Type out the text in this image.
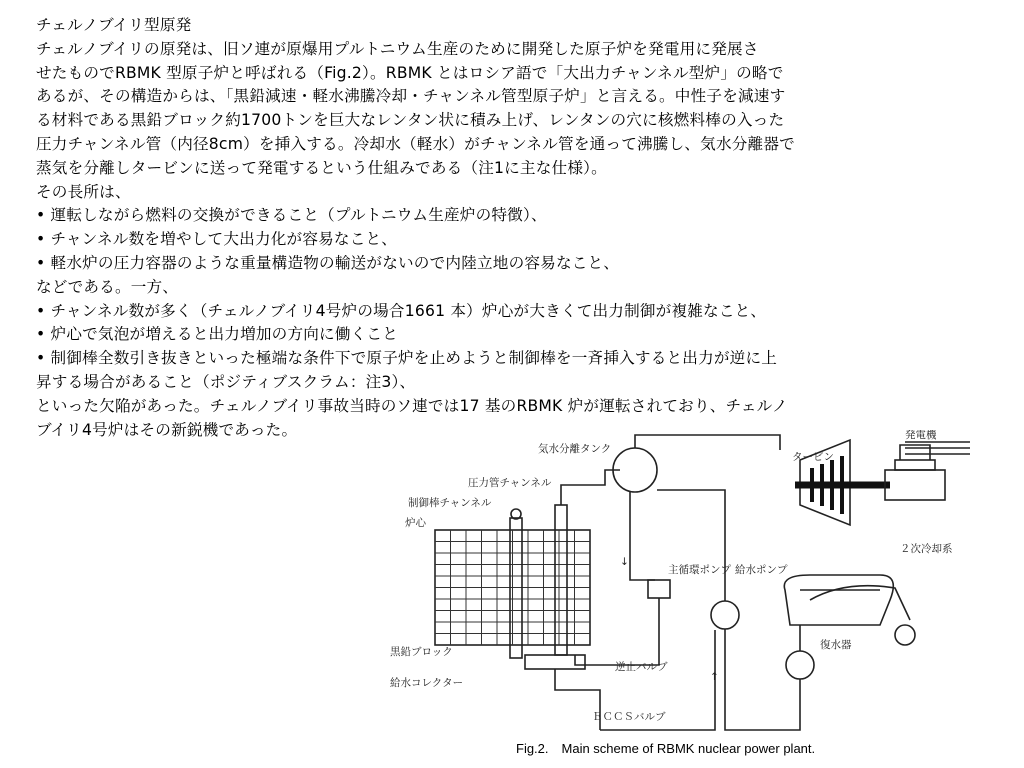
チェルノブイリ型原発

チェルノブイリの原発は、旧ソ連が原爆用プルトニウム生産のために開発した原子炉を発電用に発展さ

せたものでRBMK 型原子炉と呼ばれる（Fig.2）。RBMK とはロシア語で「大出力チャンネル型炉」の略で

あるが、その構造からは、「黒鉛減速・軽水沸騰冷却・チャンネル管型原子炉」と言える。中性子を減速す

る材料である黒鉛ブロック約1700トンを巨大なレンタン状に積み上げ、レンタンの穴に核燃料棒の入った

圧力チャンネル管（内径8cm）を挿入する。冷却水（軽水）がチャンネル管を通って沸騰し、気水分離器で

蒸気を分離しタービンに送って発電するという仕組みである（注1に主な仕様）。

その長所は、

• 運転しながら燃料の交換ができること（プルトニウム生産炉の特徴）、

• チャンネル数を増やして大出力化が容易なこと、

• 軽水炉の圧力容器のような重量構造物の輸送がないので内陸立地の容易なこと、

などである。一方、

• チャンネル数が多く（チェルノブイリ4号炉の場合1661 本）炉心が大きくて出力制御が複雑なこと、

• 炉心で気泡が増えると出力増加の方向に働くこと

• 制御棒全数引き抜きといった極端な条件下で原子炉を止めようと制御棒を一斉挿入すると出力が逆に上

昇する場合があること（ポジティブスクラム：注3）、

といった欠陥があった。チェルノブイリ事故当時のソ連では17 基のRBMK 炉が運転されており、チェルノ

ブイリ4号炉はその新鋭機であった。

↓
↑
気水分離タンク
タービン
発電機
圧力管チャンネル
制御棒チャンネル
炉心
主循環ポンプ 給水ポンプ
２次冷却系
復水器
黒鉛ブロック
逆止バルブ
給水コレクター
ＥＣＣＳバルブ
Fig.2.　Main scheme of RBMK nuclear power plant.
